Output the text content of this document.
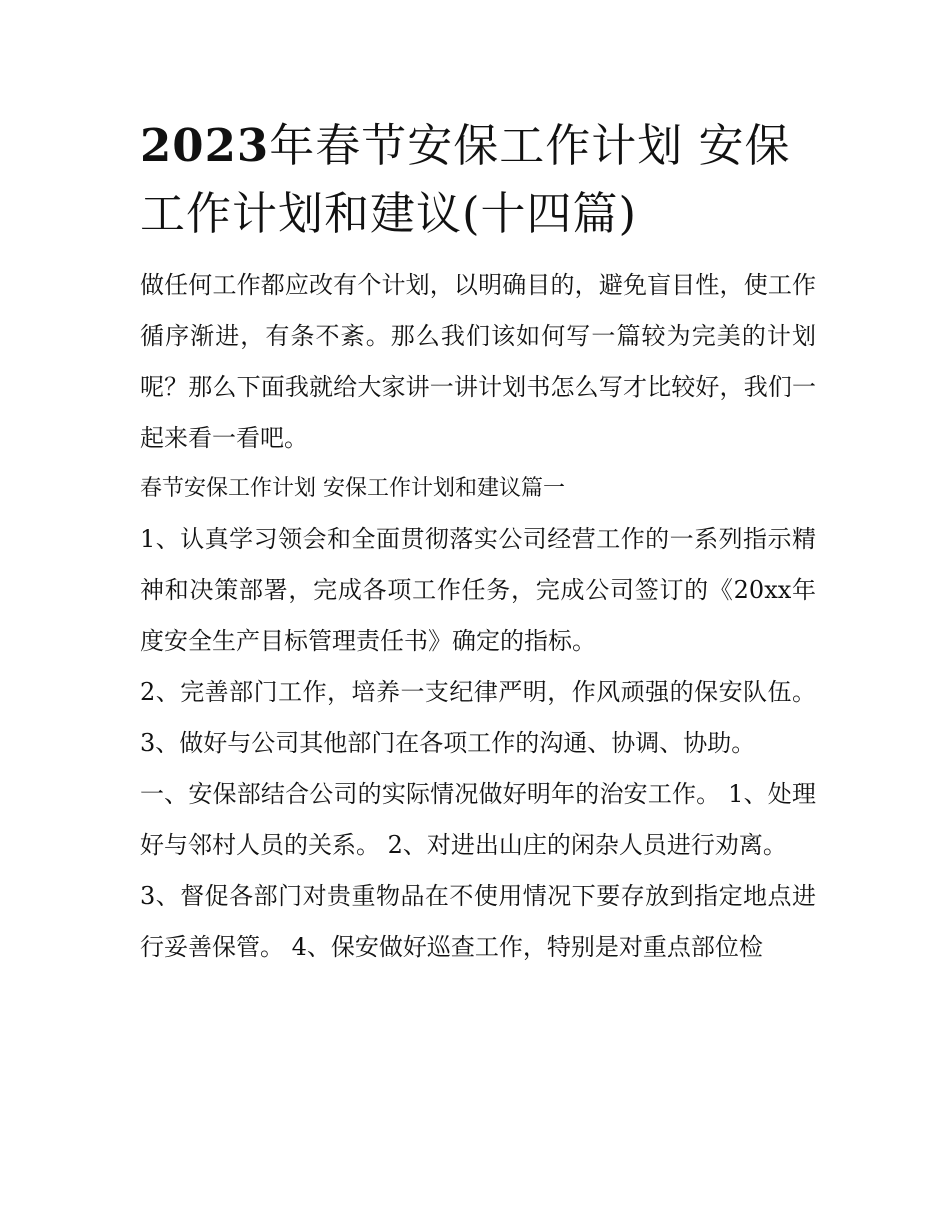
2023年春节安保工作计划 安保工作计划和建议(十四篇)

做任何工作都应改有个计划，以明确目的，避免盲目性，使工作循序渐进，有条不紊。那么我们该如何写一篇较为完美的计划呢？那么下面我就给大家讲一讲计划书怎么写才比较好，我们一起来看一看吧。

春节安保工作计划 安保工作计划和建议篇一

1、认真学习领会和全面贯彻落实公司经营工作的一系列指示精神和决策部署，完成各项工作任务，完成公司签订的《20xx年度安全生产目标管理责任书》确定的指标。

2、完善部门工作，培养一支纪律严明，作风顽强的保安队伍。 3、做好与公司其他部门在各项工作的沟通、协调、协助。

一、安保部结合公司的实际情况做好明年的治安工作。 1、处理好与邻村人员的关系。 2、对进出山庄的闲杂人员进行劝离。

3、督促各部门对贵重物品在不使用情况下要存放到指定地点进行妥善保管。 4、保安做好巡查工作，特别是对重点部位检
